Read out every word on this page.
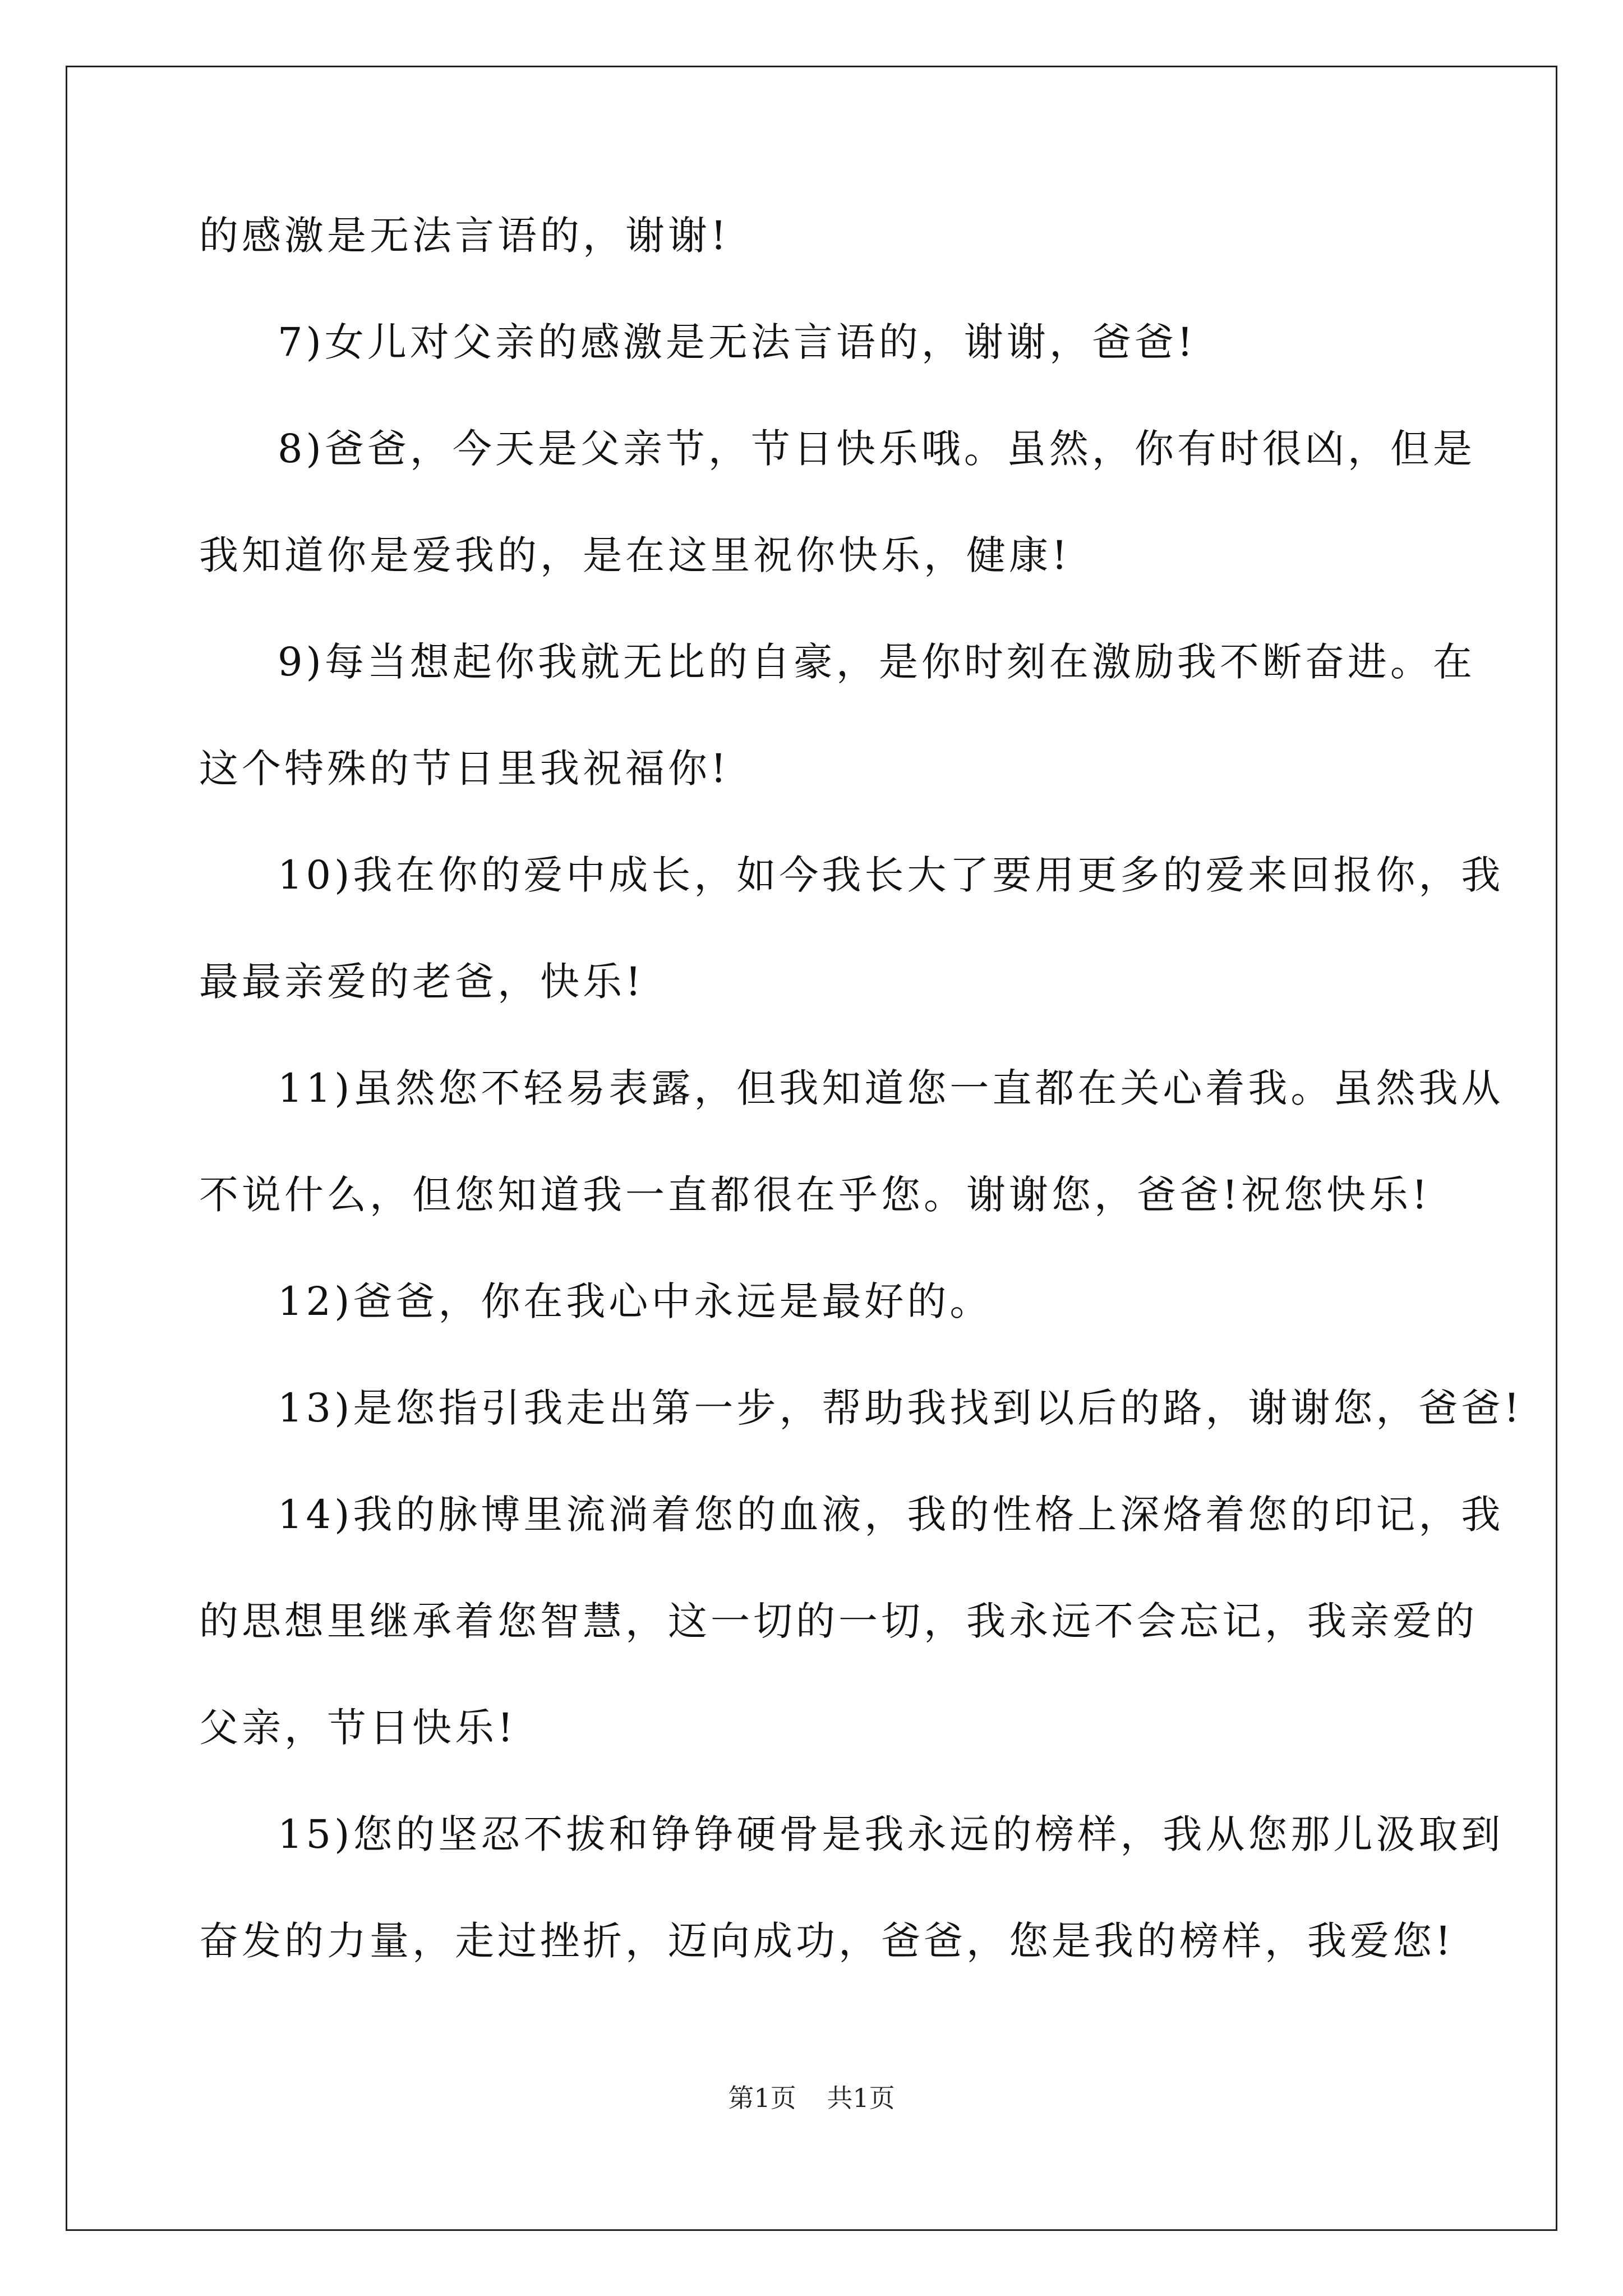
的感激是无法言语的，谢谢!
7)女儿对父亲的感激是无法言语的，谢谢，爸爸!
8)爸爸，今天是父亲节，节日快乐哦。虽然，你有时很凶，但是
我知道你是爱我的，是在这里祝你快乐，健康!
9)每当想起你我就无比的自豪，是你时刻在激励我不断奋进。在
这个特殊的节日里我祝福你!
10)我在你的爱中成长，如今我长大了要用更多的爱来回报你，我
最最亲爱的老爸，快乐!
11)虽然您不轻易表露，但我知道您一直都在关心着我。虽然我从
不说什么，但您知道我一直都很在乎您。谢谢您，爸爸!祝您快乐!
12)爸爸，你在我心中永远是最好的。
13)是您指引我走出第一步，帮助我找到以后的路，谢谢您，爸爸!
14)我的脉博里流淌着您的血液，我的性格上深烙着您的印记，我
的思想里继承着您智慧，这一切的一切，我永远不会忘记，我亲爱的
父亲，节日快乐!
15)您的坚忍不拔和铮铮硬骨是我永远的榜样，我从您那儿汲取到
奋发的力量，走过挫折，迈向成功，爸爸，您是我的榜样，我爱您!
第1页 共1页
